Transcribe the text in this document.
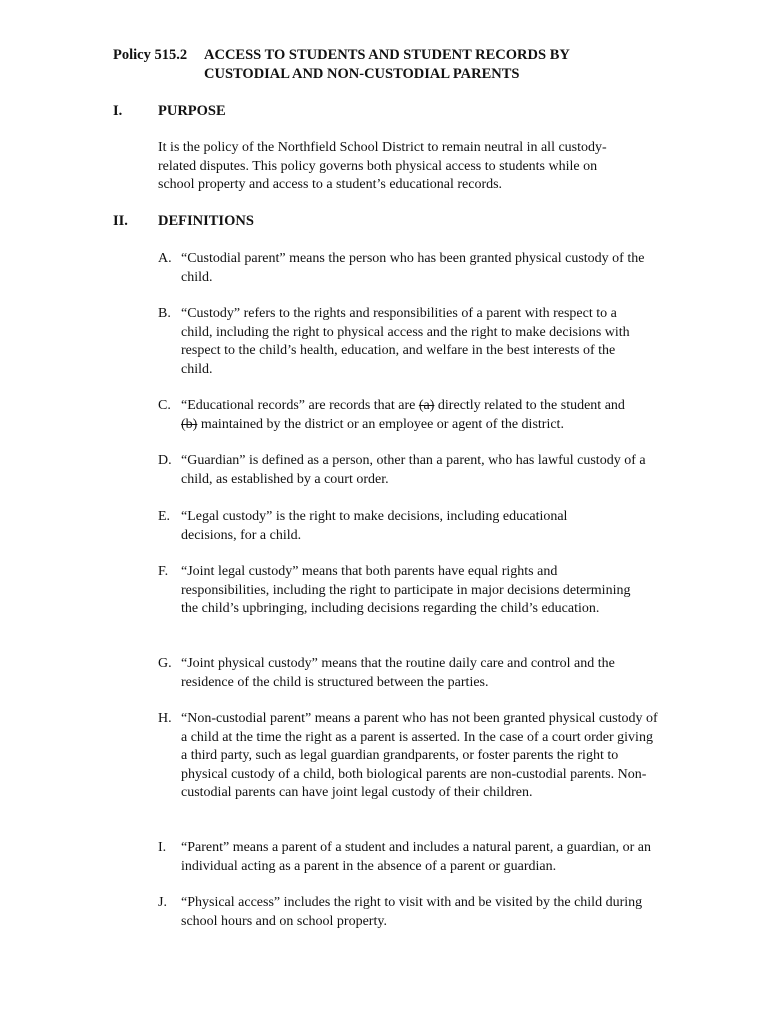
Policy 515.2 ACCESS TO STUDENTS AND STUDENT RECORDS BY CUSTODIAL AND NON-CUSTODIAL PARENTS
I. PURPOSE
It is the policy of the Northfield School District to remain neutral in all custody-related disputes. This policy governs both physical access to students while on school property and access to a student’s educational records.
II. DEFINITIONS
A. “Custodial parent” means the person who has been granted physical custody of the child.
B. “Custody” refers to the rights and responsibilities of a parent with respect to a child, including the right to physical access and the right to make decisions with respect to the child’s health, education, and welfare in the best interests of the child.
C. “Educational records” are records that are (a) directly related to the student and (b) maintained by the district or an employee or agent of the district.
D. “Guardian” is defined as a person, other than a parent, who has lawful custody of a child, as established by a court order.
E. “Legal custody” is the right to make decisions, including educational decisions, for a child.
F. “Joint legal custody” means that both parents have equal rights and responsibilities, including the right to participate in major decisions determining the child’s upbringing, including decisions regarding the child’s education.
G. “Joint physical custody” means that the routine daily care and control and the residence of the child is structured between the parties.
H. “Non-custodial parent” means a parent who has not been granted physical custody of a child at the time the right as a parent is asserted. In the case of a court order giving a third party, such as legal guardian grandparents, or foster parents the right to physical custody of a child, both biological parents are non-custodial parents. Non-custodial parents can have joint legal custody of their children.
I. “Parent” means a parent of a student and includes a natural parent, a guardian, or an individual acting as a parent in the absence of a parent or guardian.
J. “Physical access” includes the right to visit with and be visited by the child during school hours and on school property.
